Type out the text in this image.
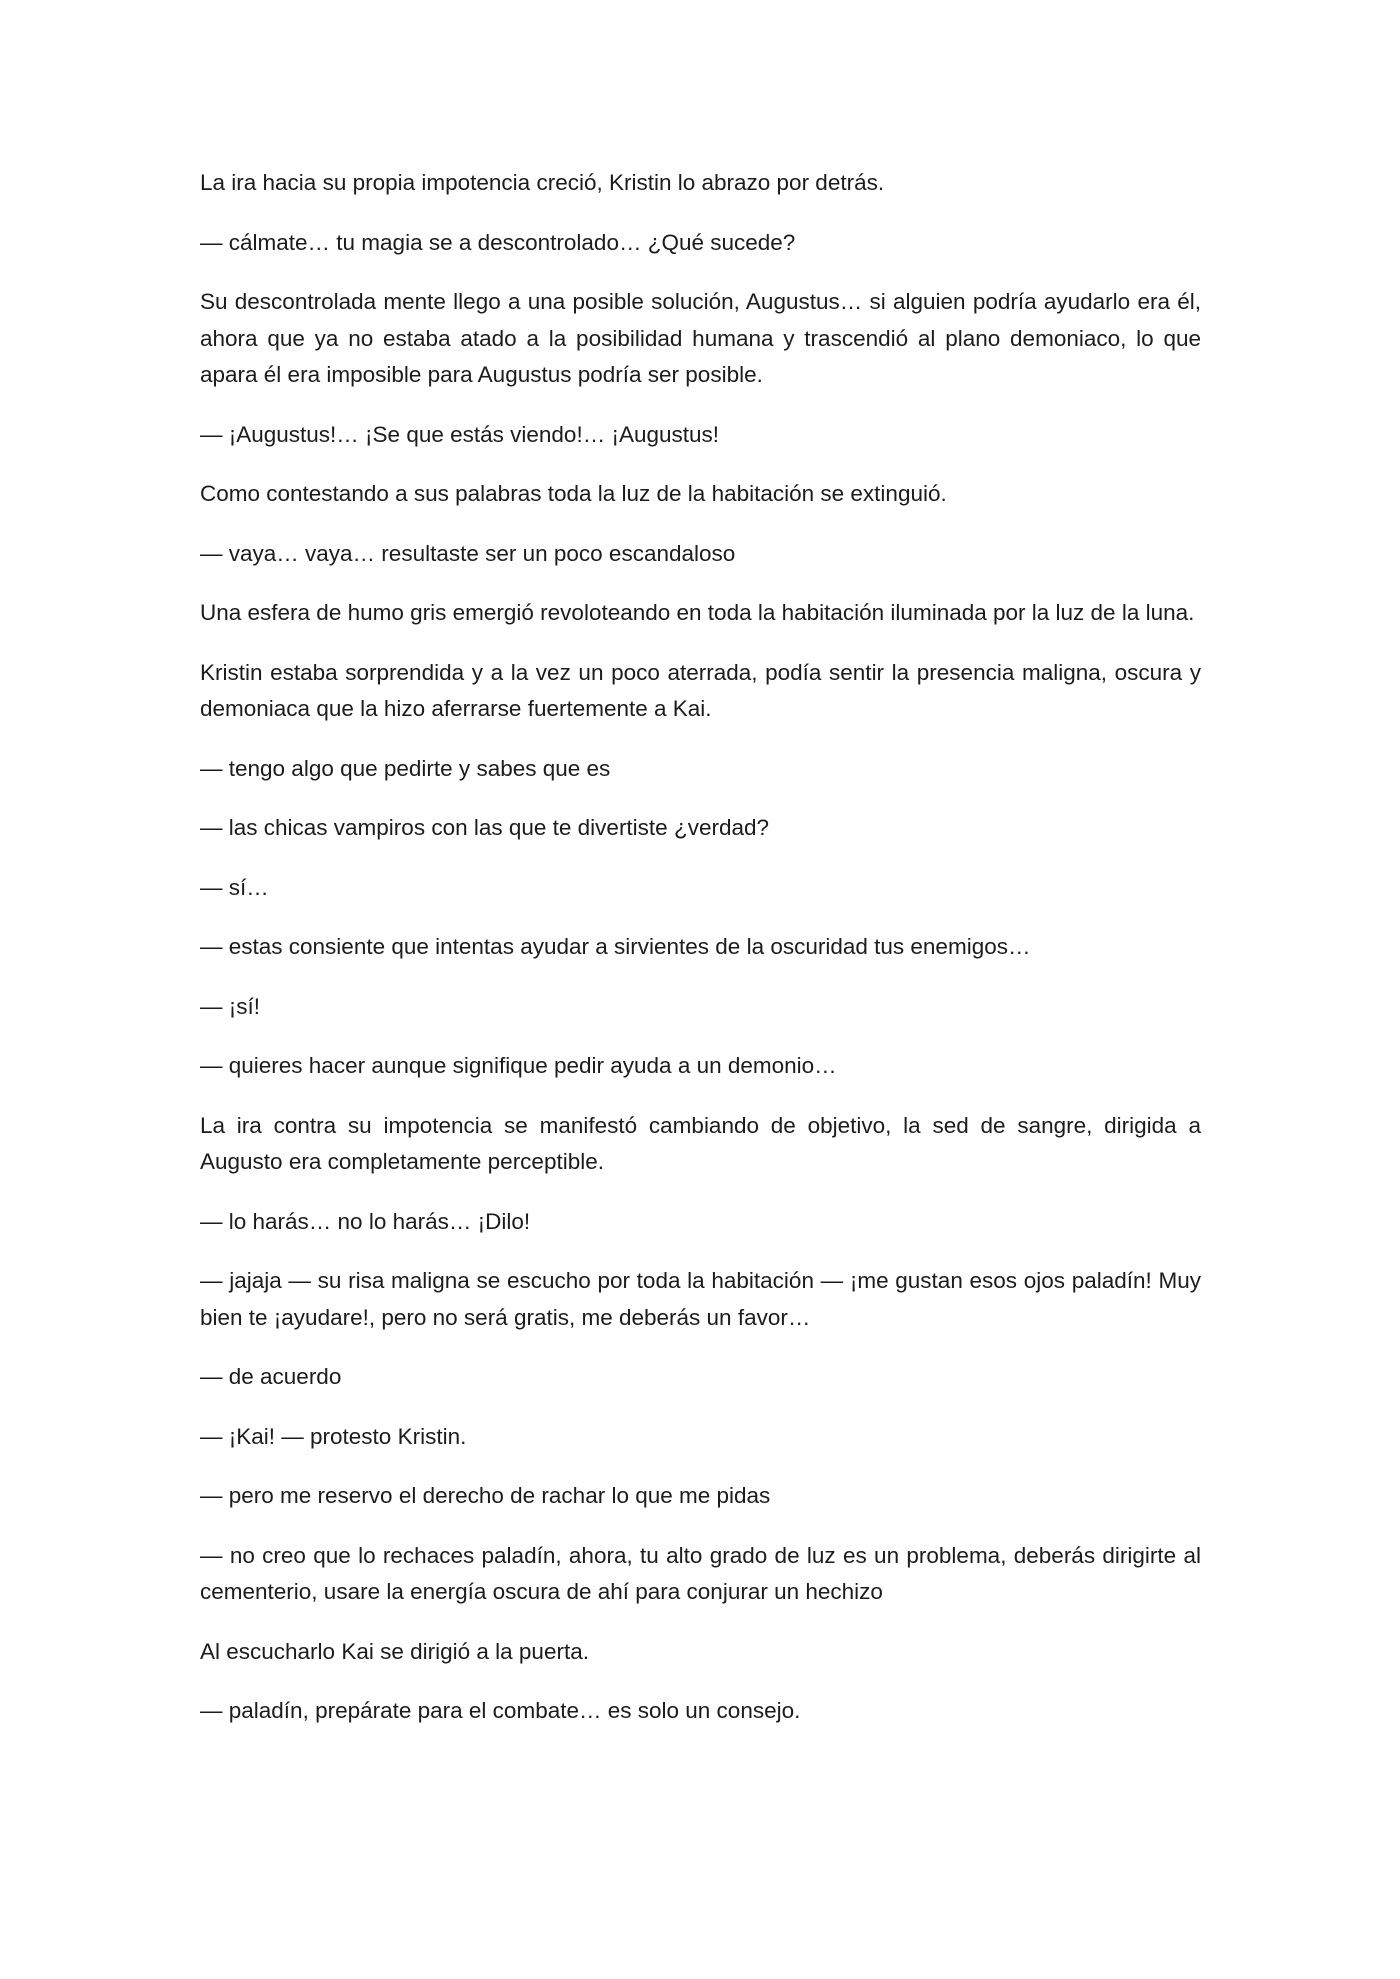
La ira hacia su propia impotencia creció, Kristin lo abrazo por detrás.

— cálmate… tu magia se a descontrolado… ¿Qué sucede?

Su descontrolada mente llego a una posible solución, Augustus… si alguien podría ayudarlo era él, ahora que ya no estaba atado a la posibilidad humana y trascendió al plano demoniaco, lo que apara él era imposible para Augustus podría ser posible.

— ¡Augustus!… ¡Se que estás viendo!… ¡Augustus!

Como contestando a sus palabras toda la luz de la habitación se extinguió.

— vaya… vaya… resultaste ser un poco escandaloso

Una esfera de humo gris emergió revoloteando en toda la habitación iluminada por la luz de la luna.

Kristin estaba sorprendida y a la vez un poco aterrada, podía sentir la presencia maligna, oscura y demoniaca que la hizo aferrarse fuertemente a Kai.

— tengo algo que pedirte y sabes que es

— las chicas vampiros con las que te divertiste ¿verdad?

— sí…

— estas consiente que intentas ayudar a sirvientes de la oscuridad tus enemigos…

— ¡sí!

— quieres hacer aunque signifique pedir ayuda a un demonio…

La ira contra su impotencia se manifestó cambiando de objetivo, la sed de sangre, dirigida a Augusto era completamente perceptible.

— lo harás… no lo harás… ¡Dilo!

— jajaja — su risa maligna se escucho por toda la habitación — ¡me gustan esos ojos paladín! Muy bien te ¡ayudare!, pero no será gratis, me deberás un favor…

— de acuerdo

— ¡Kai! — protesto Kristin.

— pero me reservo el derecho de rachar lo que me pidas

— no creo que lo rechaces paladín, ahora, tu alto grado de luz es un problema, deberás dirigirte al cementerio, usare la energía oscura de ahí para conjurar un hechizo

Al escucharlo Kai se dirigió a la puerta.

— paladín, prepárate para el combate… es solo un consejo.
